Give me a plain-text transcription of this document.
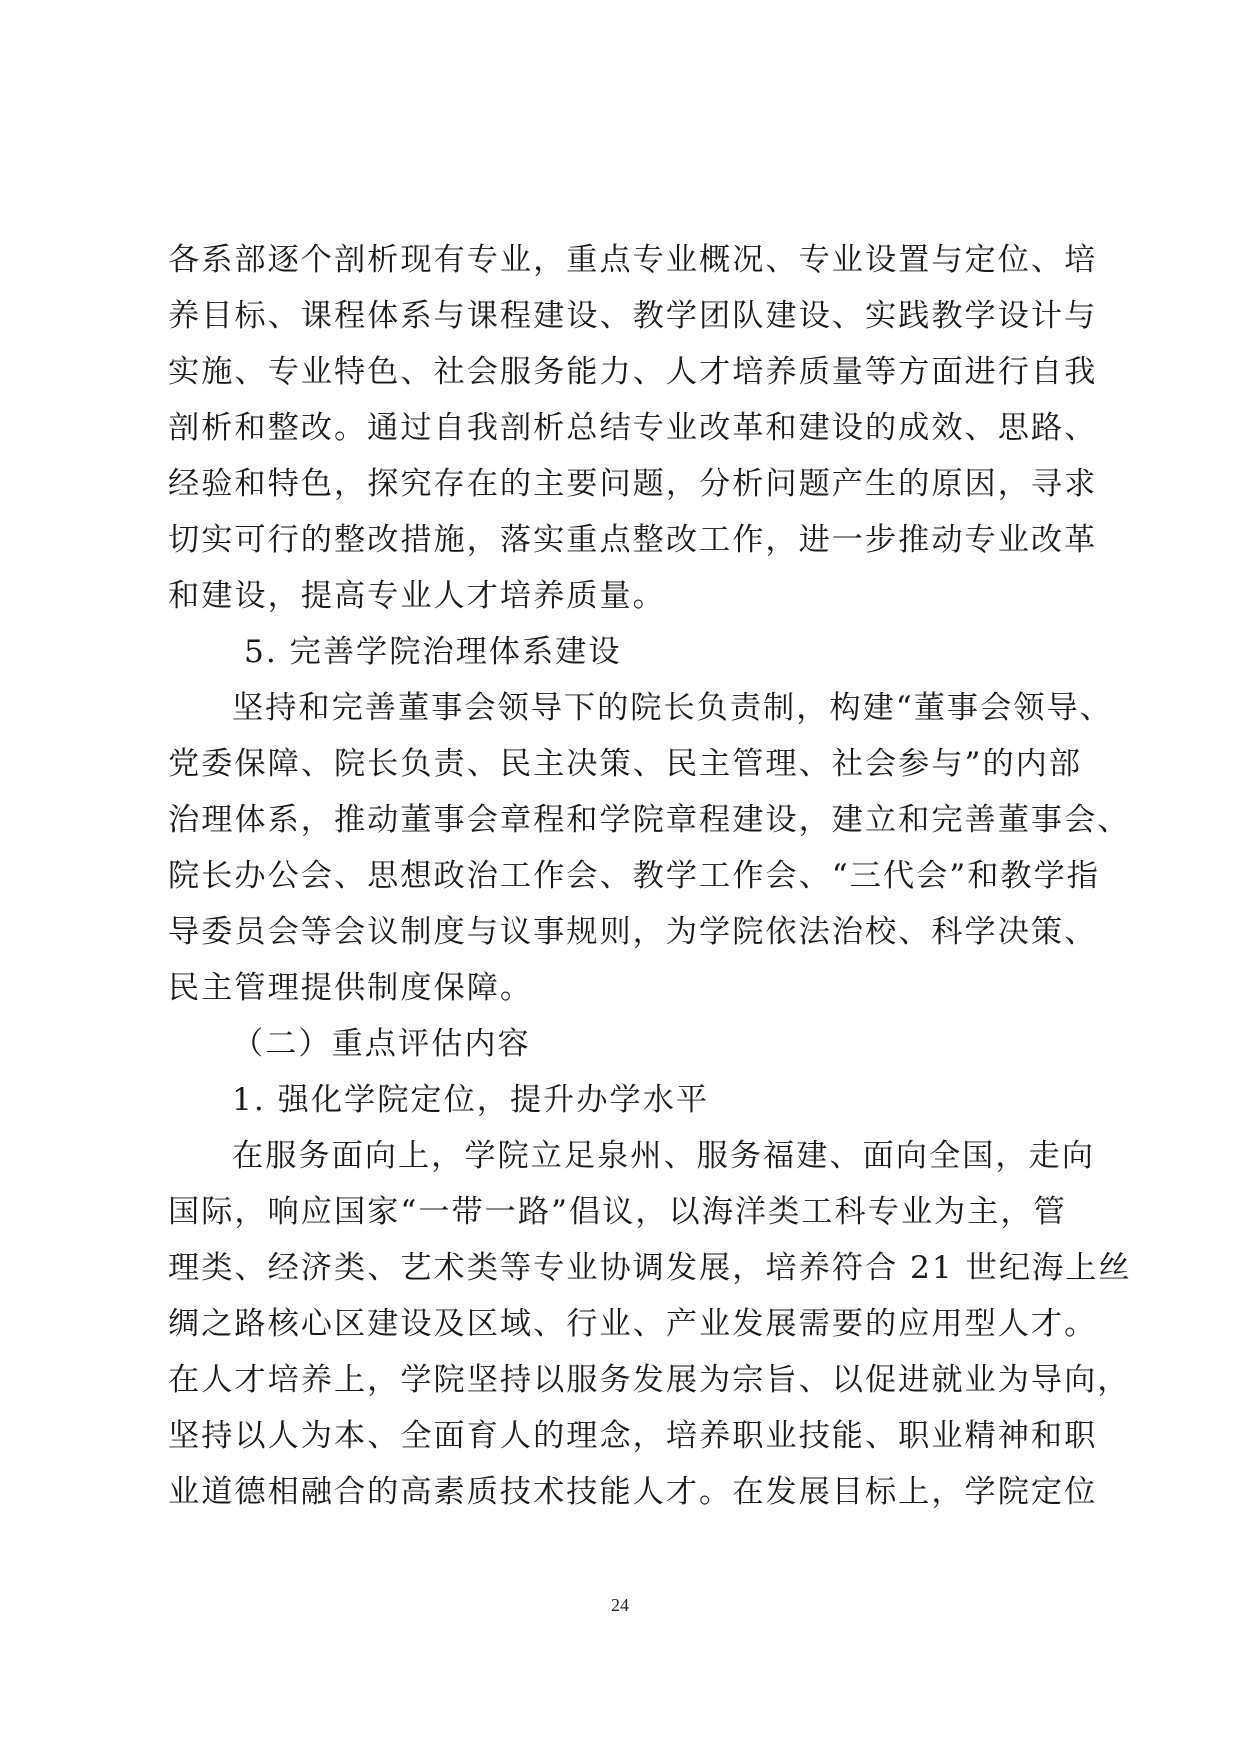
各系部逐个剖析现有专业，重点专业概况、专业设置与定位、培
养目标、课程体系与课程建设、教学团队建设、实践教学设计与
实施、专业特色、社会服务能力、人才培养质量等方面进行自我
剖析和整改。通过自我剖析总结专业改革和建设的成效、思路、
经验和特色，探究存在的主要问题，分析问题产生的原因，寻求
切实可行的整改措施，落实重点整改工作，进一步推动专业改革
和建设，提高专业人才培养质量。
5. 完善学院治理体系建设
坚持和完善董事会领导下的院长负责制，构建“董事会领导、
党委保障、院长负责、民主决策、民主管理、社会参与”的内部
治理体系，推动董事会章程和学院章程建设，建立和完善董事会、
院长办公会、思想政治工作会、教学工作会、“三代会”和教学指
导委员会等会议制度与议事规则，为学院依法治校、科学决策、
民主管理提供制度保障。
（二）重点评估内容
1. 强化学院定位，提升办学水平
在服务面向上，学院立足泉州、服务福建、面向全国，走向
国际，响应国家“一带一路”倡议，以海洋类工科专业为主，管
理类、经济类、艺术类等专业协调发展，培养符合 21 世纪海上丝
绸之路核心区建设及区域、行业、产业发展需要的应用型人才。
在人才培养上，学院坚持以服务发展为宗旨、以促进就业为导向，
坚持以人为本、全面育人的理念，培养职业技能、职业精神和职
业道德相融合的高素质技术技能人才。在发展目标上，学院定位
24
